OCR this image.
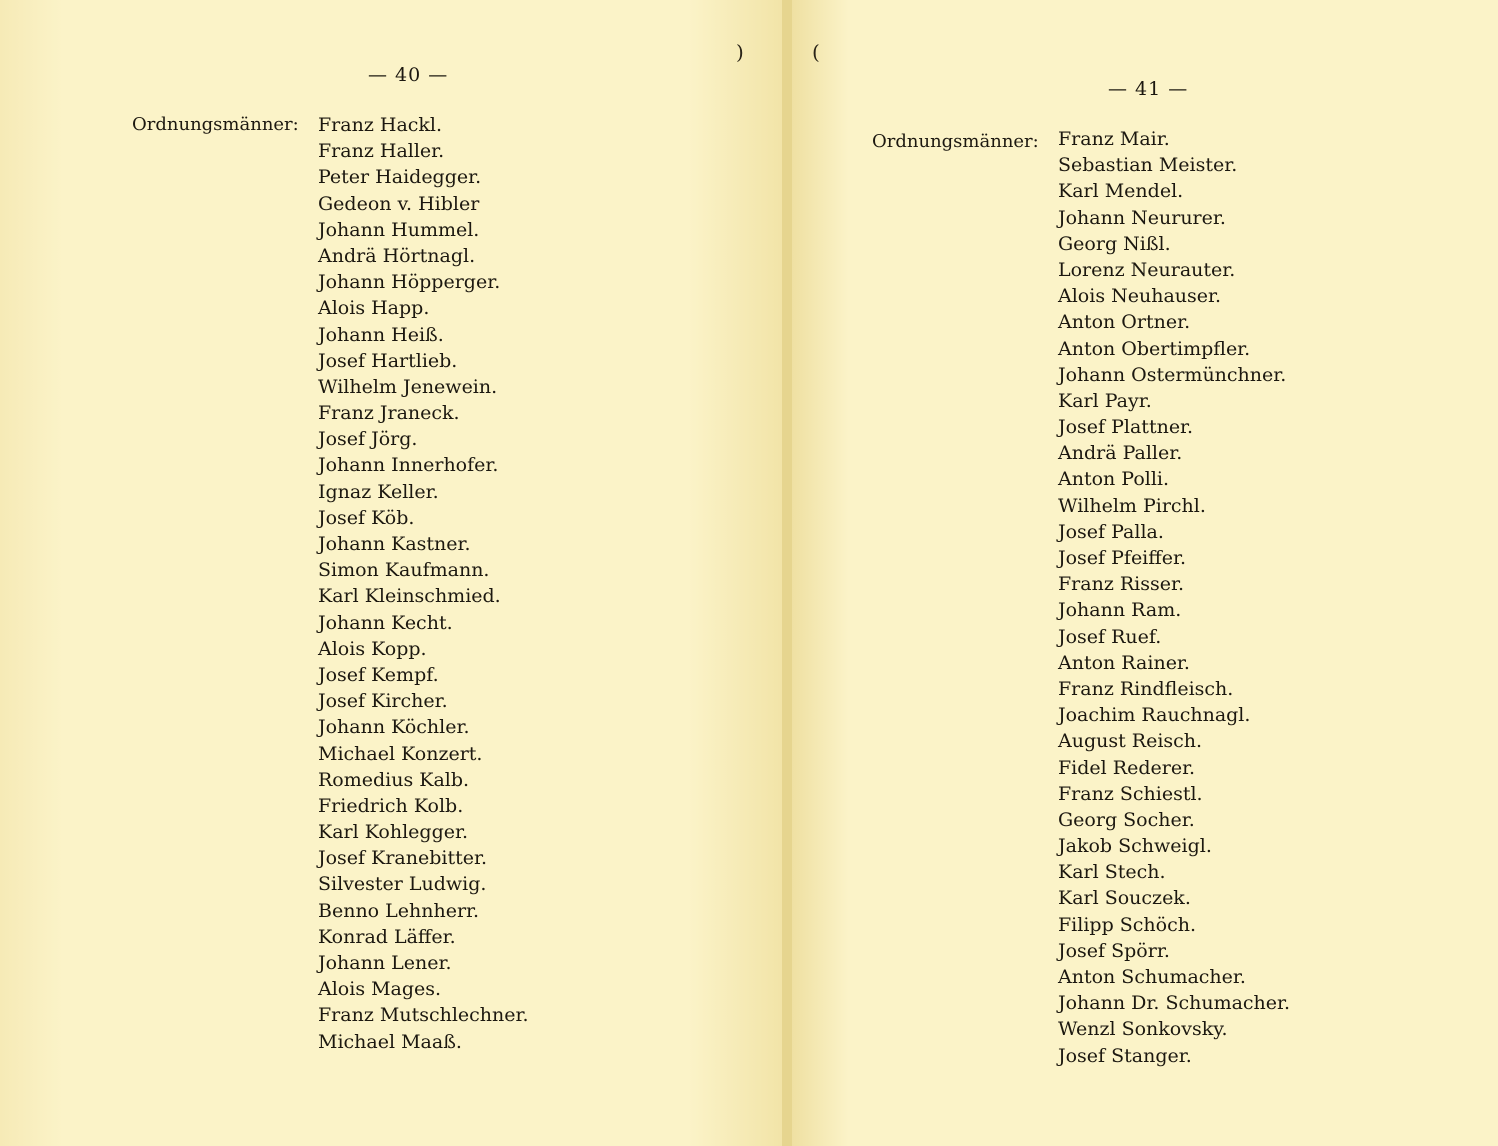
— 40 —
Ordnungsmänner: Franz Hackl.
Franz Haller.
Peter Haidegger.
Gedeon v. Hibler
Johann Hummel.
Andrä Hörtnagl.
Johann Höpperger.
Alois Happ.
Johann Heiß.
Josef Hartlieb.
Wilhelm Jenewein.
Franz Jraneck.
Josef Jörg.
Johann Innerhofer.
Ignaz Keller.
Josef Köb.
Johann Kastner.
Simon Kaufmann.
Karl Kleinschmied.
Johann Kecht.
Alois Kopp.
Josef Kempf.
Josef Kircher.
Johann Köchler.
Michael Konzert.
Romedius Kalb.
Friedrich Kolb.
Karl Kohlegger.
Josef Kranebitter.
Silvester Ludwig.
Benno Lehnherr.
Konrad Läffer.
Johann Lener.
Alois Mages.
Franz Mutschlechner.
Michael Maaß.
)	(
— 41 —
Ordnungsmänner: Franz Mair.
Sebastian Meister.
Karl Mendel.
Johann Neururer.
Georg Nißl.
Lorenz Neurauter.
Alois Neuhauser.
Anton Ortner.
Anton Obertimpfler.
Johann Ostermünchner.
Karl Payr.
Josef Plattner.
Andrä Paller.
Anton Polli.
Wilhelm Pirchl.
Josef Palla.
Josef Pfeiffer.
Franz Risser.
Johann Ram.
Josef Ruef.
Anton Rainer.
Franz Rindfleisch.
Joachim Rauchnagl.
August Reisch.
Fidel Rederer.
Franz Schiestl.
Georg Socher.
Jakob Schweigl.
Karl Stech.
Karl Souczek.
Filipp Schöch.
Josef Spörr.
Anton Schumacher.
Johann Dr. Schumacher.
Wenzl Sonkovsky.
Josef Stanger.
